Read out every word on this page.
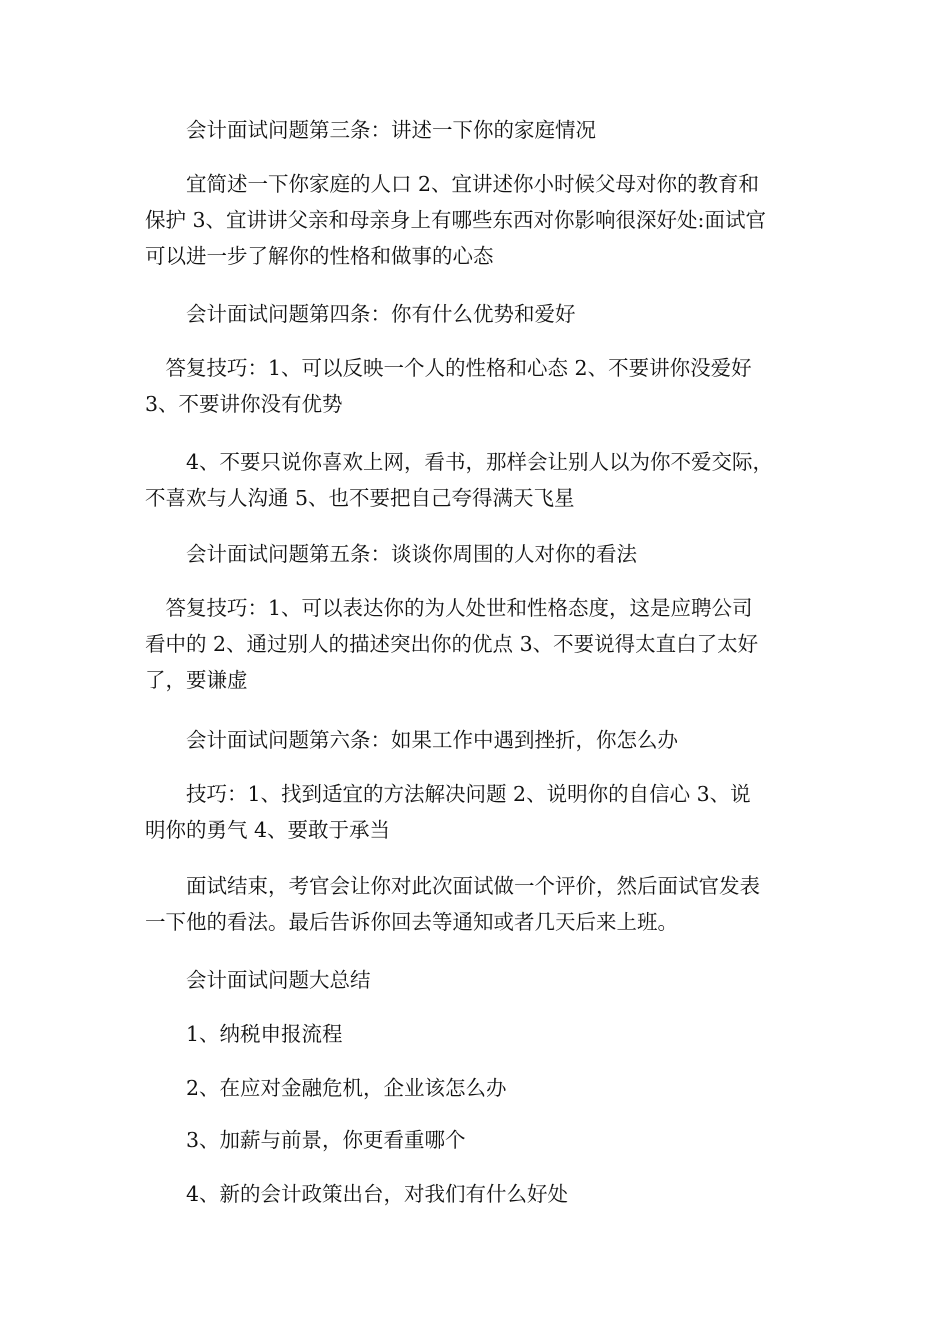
　　会计面试问题第三条：讲述一下你的家庭情况

　　宜简述一下你家庭的人口 2、宜讲述你小时候父母对你的教育和
保护 3、宜讲讲父亲和母亲身上有哪些东西对你影响很深好处:面试官
可以进一步了解你的性格和做事的心态

　　会计面试问题第四条：你有什么优势和爱好

　答复技巧：1、可以反映一个人的性格和心态 2、不要讲你没爱好
3、不要讲你没有优势

　　4、不要只说你喜欢上网，看书，那样会让别人以为你不爱交际，
不喜欢与人沟通 5、也不要把自己夸得满天飞星

　　会计面试问题第五条：谈谈你周围的人对你的看法

　答复技巧：1、可以表达你的为人处世和性格态度，这是应聘公司
看中的 2、通过别人的描述突出你的优点 3、不要说得太直白了太好
了，要谦虚

　　会计面试问题第六条：如果工作中遇到挫折，你怎么办

　　技巧：1、找到适宜的方法解决问题 2、说明你的自信心 3、说
明你的勇气 4、要敢于承当

　　面试结束，考官会让你对此次面试做一个评价，然后面试官发表
一下他的看法。最后告诉你回去等通知或者几天后来上班。

　　会计面试问题大总结

　　1、纳税申报流程

　　2、在应对金融危机，企业该怎么办

　　3、加薪与前景，你更看重哪个

　　4、新的会计政策出台，对我们有什么好处
